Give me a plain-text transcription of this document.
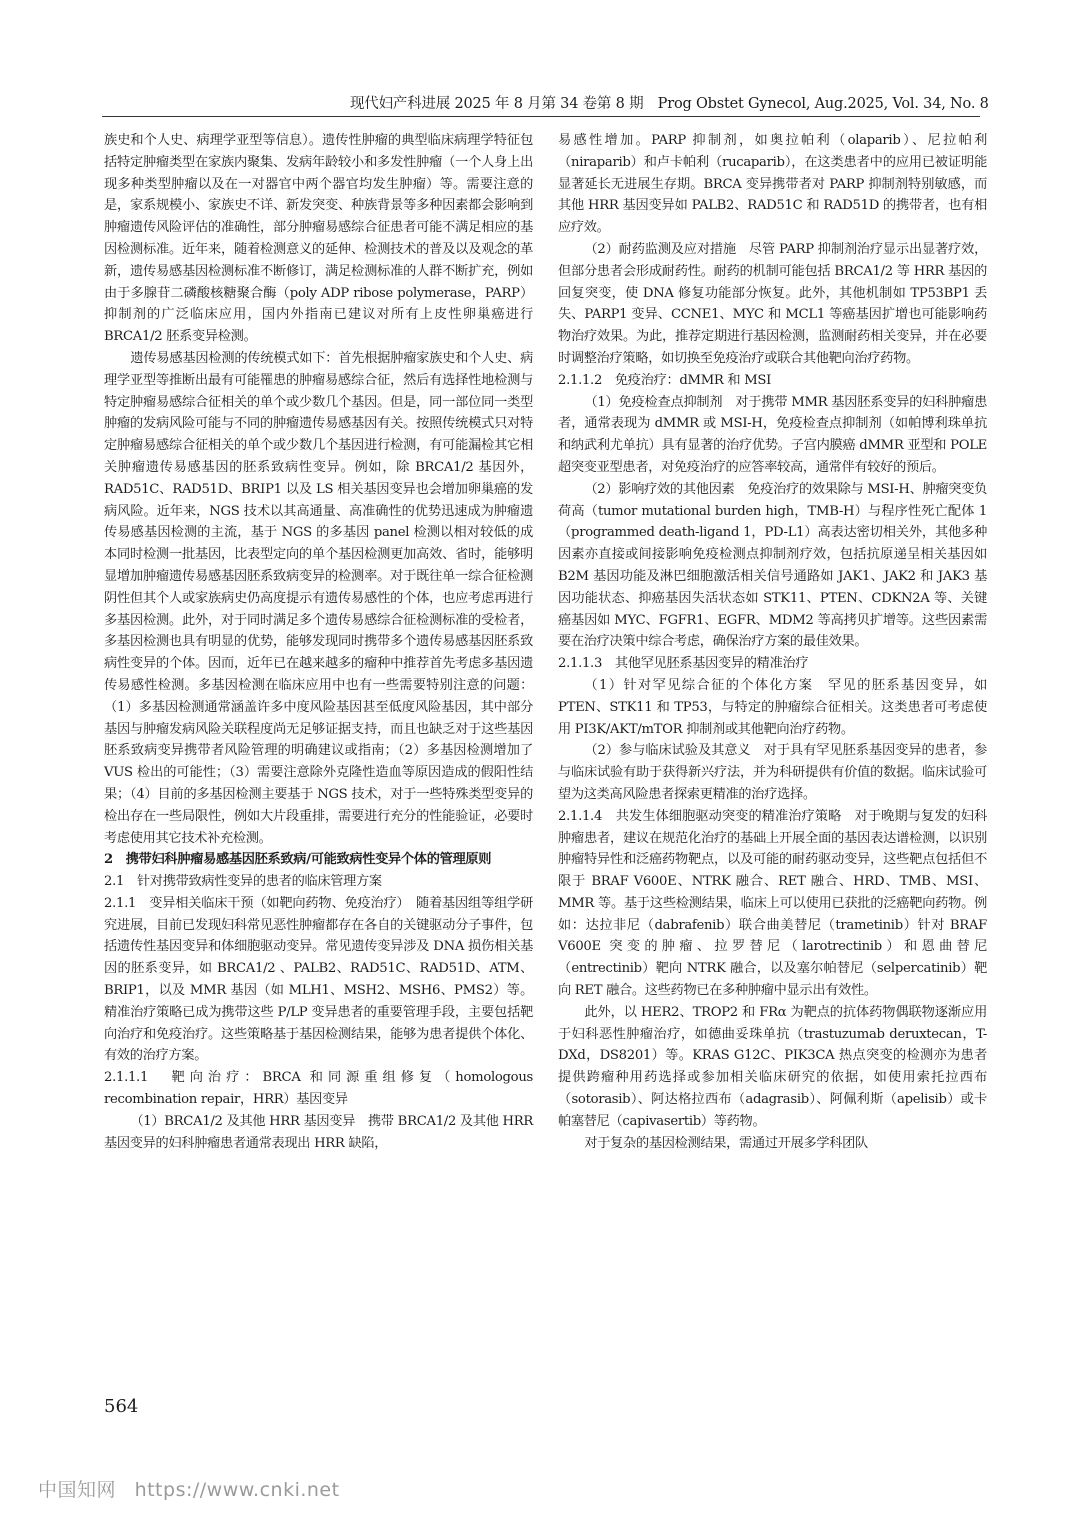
现代妇产科进展 2025 年 8 月第 34 卷第 8 期　Prog Obstet Gynecol, Aug.2025, Vol. 34, No. 8

族史和个人史、病理学亚型等信息）。遗传性肿瘤的典型临床病理学特征包括特定肿瘤类型在家族内聚集、发病年龄较小和多发性肿瘤（一个人身上出现多种类型肿瘤以及在一对器官中两个器官均发生肿瘤）等。需要注意的是，家系规模小、家族史不详、新发突变、种族背景等多种因素都会影响到肿瘤遗传风险评估的准确性，部分肿瘤易感综合征患者可能不满足相应的基因检测标准。近年来，随着检测意义的延伸、检测技术的普及以及观念的革新，遗传易感基因检测标准不断修订，满足检测标准的人群不断扩充，例如由于多腺苷二磷酸核糖聚合酶（poly ADP ribose polymerase，PARP）抑制剂的广泛临床应用，国内外指南已建议对所有上皮性卵巢癌进行 BRCA1/2 胚系变异检测。

遗传易感基因检测的传统模式如下：首先根据肿瘤家族史和个人史、病理学亚型等推断出最有可能罹患的肿瘤易感综合征，然后有选择性地检测与特定肿瘤易感综合征相关的单个或少数几个基因。但是，同一部位同一类型肿瘤的发病风险可能与不同的肿瘤遗传易感基因有关。按照传统模式只对特定肿瘤易感综合征相关的单个或少数几个基因进行检测，有可能漏检其它相关肿瘤遗传易感基因的胚系致病性变异。例如，除 BRCA1/2 基因外，RAD51C、RAD51D、BRIP1 以及 LS 相关基因变异也会增加卵巢癌的发病风险。近年来，NGS 技术以其高通量、高准确性的优势迅速成为肿瘤遗传易感基因检测的主流，基于 NGS 的多基因 panel 检测以相对较低的成本同时检测一批基因，比表型定向的单个基因检测更加高效、省时，能够明显增加肿瘤遗传易感基因胚系致病变异的检测率。对于既往单一综合征检测阴性但其个人或家族病史仍高度提示有遗传易感性的个体，也应考虑再进行多基因检测。此外，对于同时满足多个遗传易感综合征检测标准的受检者，多基因检测也具有明显的优势，能够发现同时携带多个遗传易感基因胚系致病性变异的个体。因而，近年已在越来越多的瘤种中推荐首先考虑多基因遗传易感性检测。多基因检测在临床应用中也有一些需要特别注意的问题：（1）多基因检测通常涵盖许多中度风险基因甚至低度风险基因，其中部分基因与肿瘤发病风险关联程度尚无足够证据支持，而且也缺乏对于这些基因胚系致病变异携带者风险管理的明确建议或指南；（2）多基因检测增加了 VUS 检出的可能性；（3）需要注意除外克隆性造血等原因造成的假阳性结果；（4）目前的多基因检测主要基于 NGS 技术，对于一些特殊类型变异的检出存在一些局限性，例如大片段重排，需要进行充分的性能验证，必要时考虑使用其它技术补充检测。

2　携带妇科肿瘤易感基因胚系致病/可能致病性变异个体的管理原则
2.1　针对携带致病性变异的患者的临床管理方案
2.1.1　变异相关临床干预（如靶向药物、免疫治疗）　随着基因组等组学研究进展，目前已发现妇科常见恶性肿瘤都存在各自的关键驱动分子事件，包括遗传性基因变异和体细胞驱动变异。常见遗传变异涉及 DNA 损伤相关基因的胚系变异，如 BRCA1/2 、PALB2、RAD51C、RAD51D、ATM、BRIP1，以及 MMR 基因（如 MLH1、MSH2、MSH6、PMS2）等。精准治疗策略已成为携带这些 P/LP 变异患者的重要管理手段，主要包括靶向治疗和免疫治疗。这些策略基于基因检测结果，能够为患者提供个体化、有效的治疗方案。
2.1.1.1　靶向治疗：BRCA 和同源重组修复（homologous recombination repair，HRR）基因变异

（1）BRCA1/2 及其他 HRR 基因变异　携带 BRCA1/2 及其他 HRR 基因变异的妇科肿瘤患者通常表现出 HRR 缺陷，

易感性增加。PARP 抑制剂，如奥拉帕利（olaparib）、尼拉帕利（niraparib）和卢卡帕利（rucaparib），在这类患者中的应用已被证明能显著延长无进展生存期。BRCA 变异携带者对 PARP 抑制剂特别敏感，而其他 HRR 基因变异如 PALB2、RAD51C 和 RAD51D 的携带者，也有相应疗效。

（2）耐药监测及应对措施　尽管 PARP 抑制剂治疗显示出显著疗效，但部分患者会形成耐药性。耐药的机制可能包括 BRCA1/2 等 HRR 基因的回复突变，使 DNA 修复功能部分恢复。此外，其他机制如 TP53BP1 丢失、PARP1 变异、CCNE1、MYC 和 MCL1 等癌基因扩增也可能影响药物治疗效果。为此，推荐定期进行基因检测，监测耐药相关变异，并在必要时调整治疗策略，如切换至免疫治疗或联合其他靶向治疗药物。

2.1.1.2　免疫治疗：dMMR 和 MSI

（1）免疫检查点抑制剂　对于携带 MMR 基因胚系变异的妇科肿瘤患者，通常表现为 dMMR 或 MSI-H，免疫检查点抑制剂（如帕博利珠单抗和纳武利尤单抗）具有显著的治疗优势。子宫内膜癌 dMMR 亚型和 POLE 超突变亚型患者，对免疫治疗的应答率较高，通常伴有较好的预后。

（2）影响疗效的其他因素　免疫治疗的效果除与 MSI-H、肿瘤突变负荷高（tumor mutational burden high，TMB-H）与程序性死亡配体 1（programmed death-ligand 1，PD-L1）高表达密切相关外，其他多种因素亦直接或间接影响免疫检测点抑制剂疗效，包括抗原递呈相关基因如 B2M 基因功能及淋巴细胞激活相关信号通路如 JAK1、JAK2 和 JAK3 基因功能状态、抑癌基因失活状态如 STK11、PTEN、CDKN2A 等、关键癌基因如 MYC、FGFR1、EGFR、MDM2 等高拷贝扩增等。这些因素需要在治疗决策中综合考虑，确保治疗方案的最佳效果。

2.1.1.3　其他罕见胚系基因变异的精准治疗

（1）针对罕见综合征的个体化方案　罕见的胚系基因变异，如 PTEN、STK11 和 TP53，与特定的肿瘤综合征相关。这类患者可考虑使用 PI3K/AKT/mTOR 抑制剂或其他靶向治疗药物。

（2）参与临床试验及其意义　对于具有罕见胚系基因变异的患者，参与临床试验有助于获得新兴疗法，并为科研提供有价值的数据。临床试验可望为这类高风险患者探索更精准的治疗选择。

2.1.1.4　共发生体细胞驱动突变的精准治疗策略　对于晚期与复发的妇科肿瘤患者，建议在规范化治疗的基础上开展全面的基因表达谱检测，以识别肿瘤特异性和泛癌药物靶点，以及可能的耐药驱动变异，这些靶点包括但不限于 BRAF V600E、NTRK 融合、RET 融合、HRD、TMB、MSI、MMR 等。基于这些检测结果，临床上可以使用已获批的泛癌靶向药物。例如：达拉非尼（dabrafenib）联合曲美替尼（trametinib）针对 BRAF V600E 突变的肿瘤、拉罗替尼（larotrectinib）和恩曲替尼（entrectinib）靶向 NTRK 融合，以及塞尔帕替尼（selpercatinib）靶向 RET 融合。这些药物已在多种肿瘤中显示出有效性。

此外，以 HER2、TROP2 和 FRα 为靶点的抗体药物偶联物逐渐应用于妇科恶性肿瘤治疗，如德曲妥珠单抗（trastuzumab deruxtecan，T-DXd，DS8201）等。KRAS G12C、PIK3CA 热点突变的检测亦为患者提供跨瘤种用药选择或参加相关临床研究的依据，如使用索托拉西布（sotorasib）、阿达格拉西布（adagrasib）、阿佩利斯（apelisib）或卡帕塞替尼（capivasertib）等药物。

对于复杂的基因检测结果，需通过开展多学科团队

564
中国知网 https://www.cnki.net
